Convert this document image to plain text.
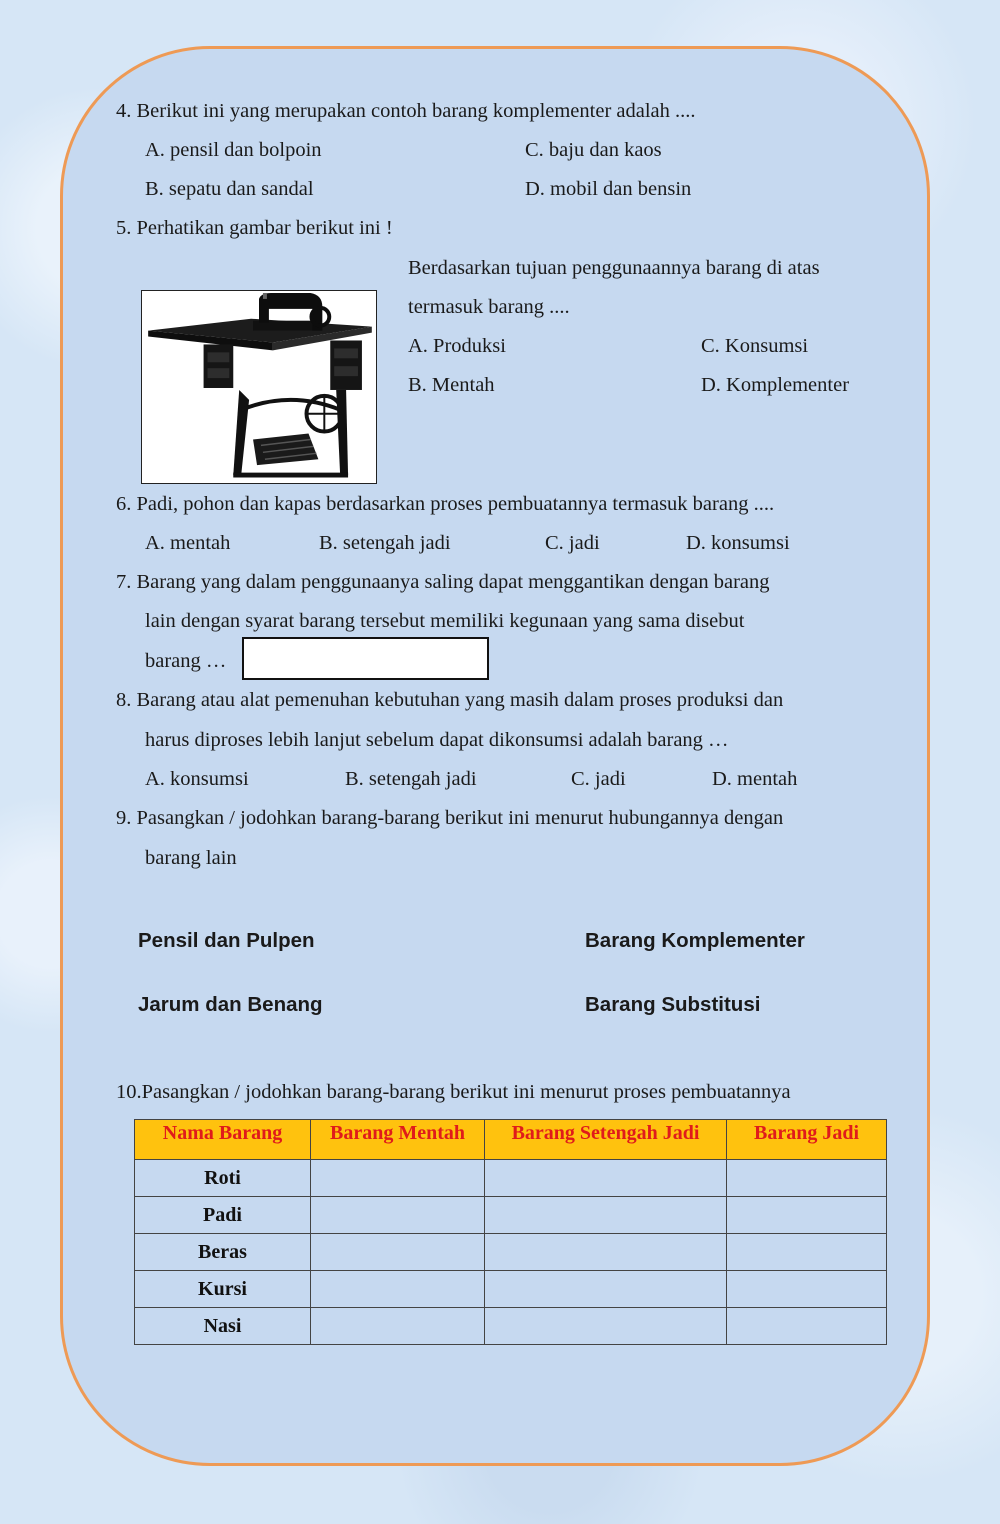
4. Berikut ini yang merupakan contoh barang komplementer adalah ....
A. pensil dan bolpoin	C. baju dan kaos
B. sepatu dan sandal	D. mobil dan bensin
5. Perhatikan gambar berikut ini !
Berdasarkan tujuan penggunaannya barang di atas
termasuk barang ....
A. Produksi	C. Konsumsi
B. Mentah	D. Komplementer
6. Padi, pohon dan kapas berdasarkan proses pembuatannya termasuk barang ....
A. mentah	B. setengah jadi	C. jadi	D. konsumsi
7. Barang yang dalam penggunaanya saling dapat menggantikan dengan barang
lain dengan syarat barang tersebut memiliki kegunaan yang sama disebut
barang …
8. Barang atau alat pemenuhan kebutuhan yang masih dalam proses produksi dan
harus diproses lebih lanjut sebelum dapat dikonsumsi adalah barang …
A. konsumsi	B. setengah jadi	C. jadi	D. mentah
9. Pasangkan / jodohkan barang-barang berikut ini menurut hubungannya dengan
barang lain
Pensil dan Pulpen
Jarum dan Benang
Barang Komplementer
Barang Substitusi
10.Pasangkan / jodohkan barang-barang berikut ini menurut proses pembuatannya
Nama Barang	Barang Mentah	Barang Setengah Jadi	Barang Jadi
Roti			
Padi			
Beras			
Kursi			
Nasi			
